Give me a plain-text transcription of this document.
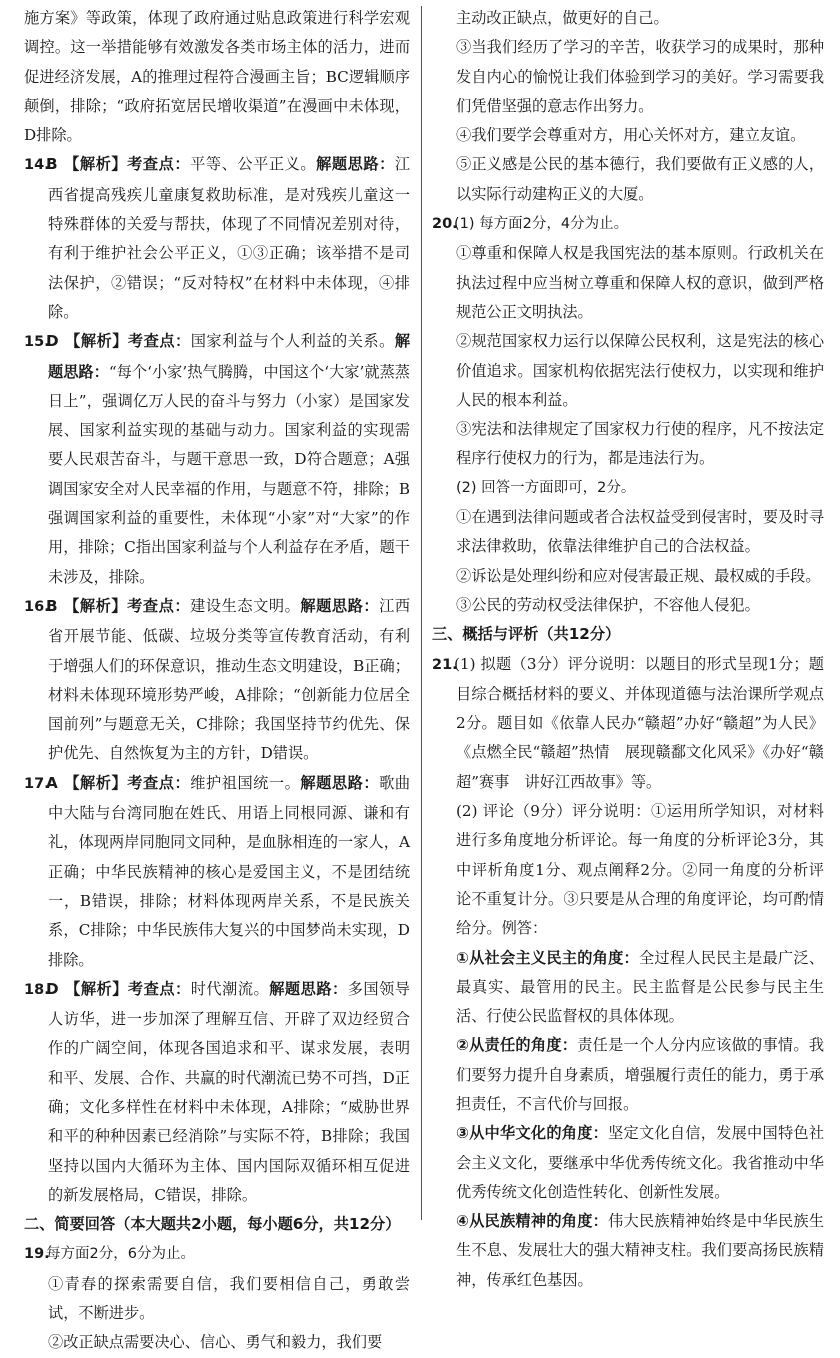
施方案》等政策，体现了政府通过贴息政策进行科学宏观调控。这一举措能够有效激发各类市场主体的活力，进而促进经济发展，A的推理过程符合漫画主旨；BC逻辑顺序颠倒，排除；“政府拓宽居民增收渠道”在漫画中未体现，D排除。

14.B 【解析】考查点：平等、公平正义。解题思路：江西省提高残疾儿童康复救助标准，是对残疾儿童这一特殊群体的关爱与帮扶，体现了不同情况差别对待，有利于维护社会公平正义，①③正确；该举措不是司法保护，②错误；“反对特权”在材料中未体现，④排除。

15.D 【解析】考查点：国家利益与个人利益的关系。解题思路：“每个‘小家’热气腾腾，中国这个‘大家’就蒸蒸日上”，强调亿万人民的奋斗与努力（小家）是国家发展、国家利益实现的基础与动力。国家利益的实现需要人民艰苦奋斗，与题干意思一致，D符合题意；A强调国家安全对人民幸福的作用，与题意不符，排除；B强调国家利益的重要性，未体现“小家”对“大家”的作用，排除；C指出国家利益与个人利益存在矛盾，题干未涉及，排除。

16.B 【解析】考查点：建设生态文明。解题思路：江西省开展节能、低碳、垃圾分类等宣传教育活动，有利于增强人们的环保意识，推动生态文明建设，B正确；材料未体现环境形势严峻，A排除；“创新能力位居全国前列”与题意无关，C排除；我国坚持节约优先、保护优先、自然恢复为主的方针，D错误。

17.A 【解析】考查点：维护祖国统一。解题思路：歌曲中大陆与台湾同胞在姓氏、用语上同根同源、谦和有礼，体现两岸同胞同文同种，是血脉相连的一家人，A正确；中华民族精神的核心是爱国主义，不是团结统一，B错误，排除；材料体现两岸关系，不是民族关系，C排除；中华民族伟大复兴的中国梦尚未实现，D排除。

18.D 【解析】考查点：时代潮流。解题思路：多国领导人访华，进一步加深了理解互信、开辟了双边经贸合作的广阔空间，体现各国追求和平、谋求发展，表明和平、发展、合作、共赢的时代潮流已势不可挡，D正确；文化多样性在材料中未体现，A排除；“威胁世界和平的种种因素已经消除”与实际不符，B排除；我国坚持以国内大循环为主体、国内国际双循环相互促进的新发展格局，C错误，排除。

二、简要回答（本大题共2小题，每小题6分，共12分）

19.每方面2分，6分为止。

①青春的探索需要自信，我们要相信自己，勇敢尝试，不断进步。

②改正缺点需要决心、信心、勇气和毅力，我们要

主动改正缺点，做更好的自己。

③当我们经历了学习的辛苦，收获学习的成果时，那种发自内心的愉悦让我们体验到学习的美好。学习需要我们凭借坚强的意志作出努力。

④我们要学会尊重对方，用心关怀对方，建立友谊。

⑤正义感是公民的基本德行，我们要做有正义感的人，以实际行动建构正义的大厦。

20.(1) 每方面2分，4分为止。

①尊重和保障人权是我国宪法的基本原则。行政机关在执法过程中应当树立尊重和保障人权的意识，做到严格规范公正文明执法。

②规范国家权力运行以保障公民权利，这是宪法的核心价值追求。国家机构依据宪法行使权力，以实现和维护人民的根本利益。

③宪法和法律规定了国家权力行使的程序，凡不按法定程序行使权力的行为，都是违法行为。

(2) 回答一方面即可，2分。

①在遇到法律问题或者合法权益受到侵害时，要及时寻求法律救助，依靠法律维护自己的合法权益。

②诉讼是处理纠纷和应对侵害最正规、最权威的手段。

③公民的劳动权受法律保护，不容他人侵犯。

三、概括与评析（共12分）

21.(1) 拟题（3分）评分说明：以题目的形式呈现1分；题目综合概括材料的要义、并体现道德与法治课所学观点2分。题目如《依靠人民办“赣超”办好“赣超”为人民》《点燃全民“赣超”热情　展现赣鄱文化风采》《办好“赣超”赛事　讲好江西故事》等。

(2) 评论（9分）评分说明：①运用所学知识，对材料进行多角度地分析评论。每一角度的分析评论3分，其中评析角度1分、观点阐释2分。②同一角度的分析评论不重复计分。③只要是从合理的角度评论，均可酌情给分。例答：

①从社会主义民主的角度：全过程人民民主是最广泛、最真实、最管用的民主。民主监督是公民参与民主生活、行使公民监督权的具体体现。

②从责任的角度：责任是一个人分内应该做的事情。我们要努力提升自身素质，增强履行责任的能力，勇于承担责任，不言代价与回报。

③从中华文化的角度：坚定文化自信，发展中国特色社会主义文化，要继承中华优秀传统文化。我省推动中华优秀传统文化创造性转化、创新性发展。

④从民族精神的角度：伟大民族精神始终是中华民族生生不息、发展壮大的强大精神支柱。我们要高扬民族精神，传承红色基因。
